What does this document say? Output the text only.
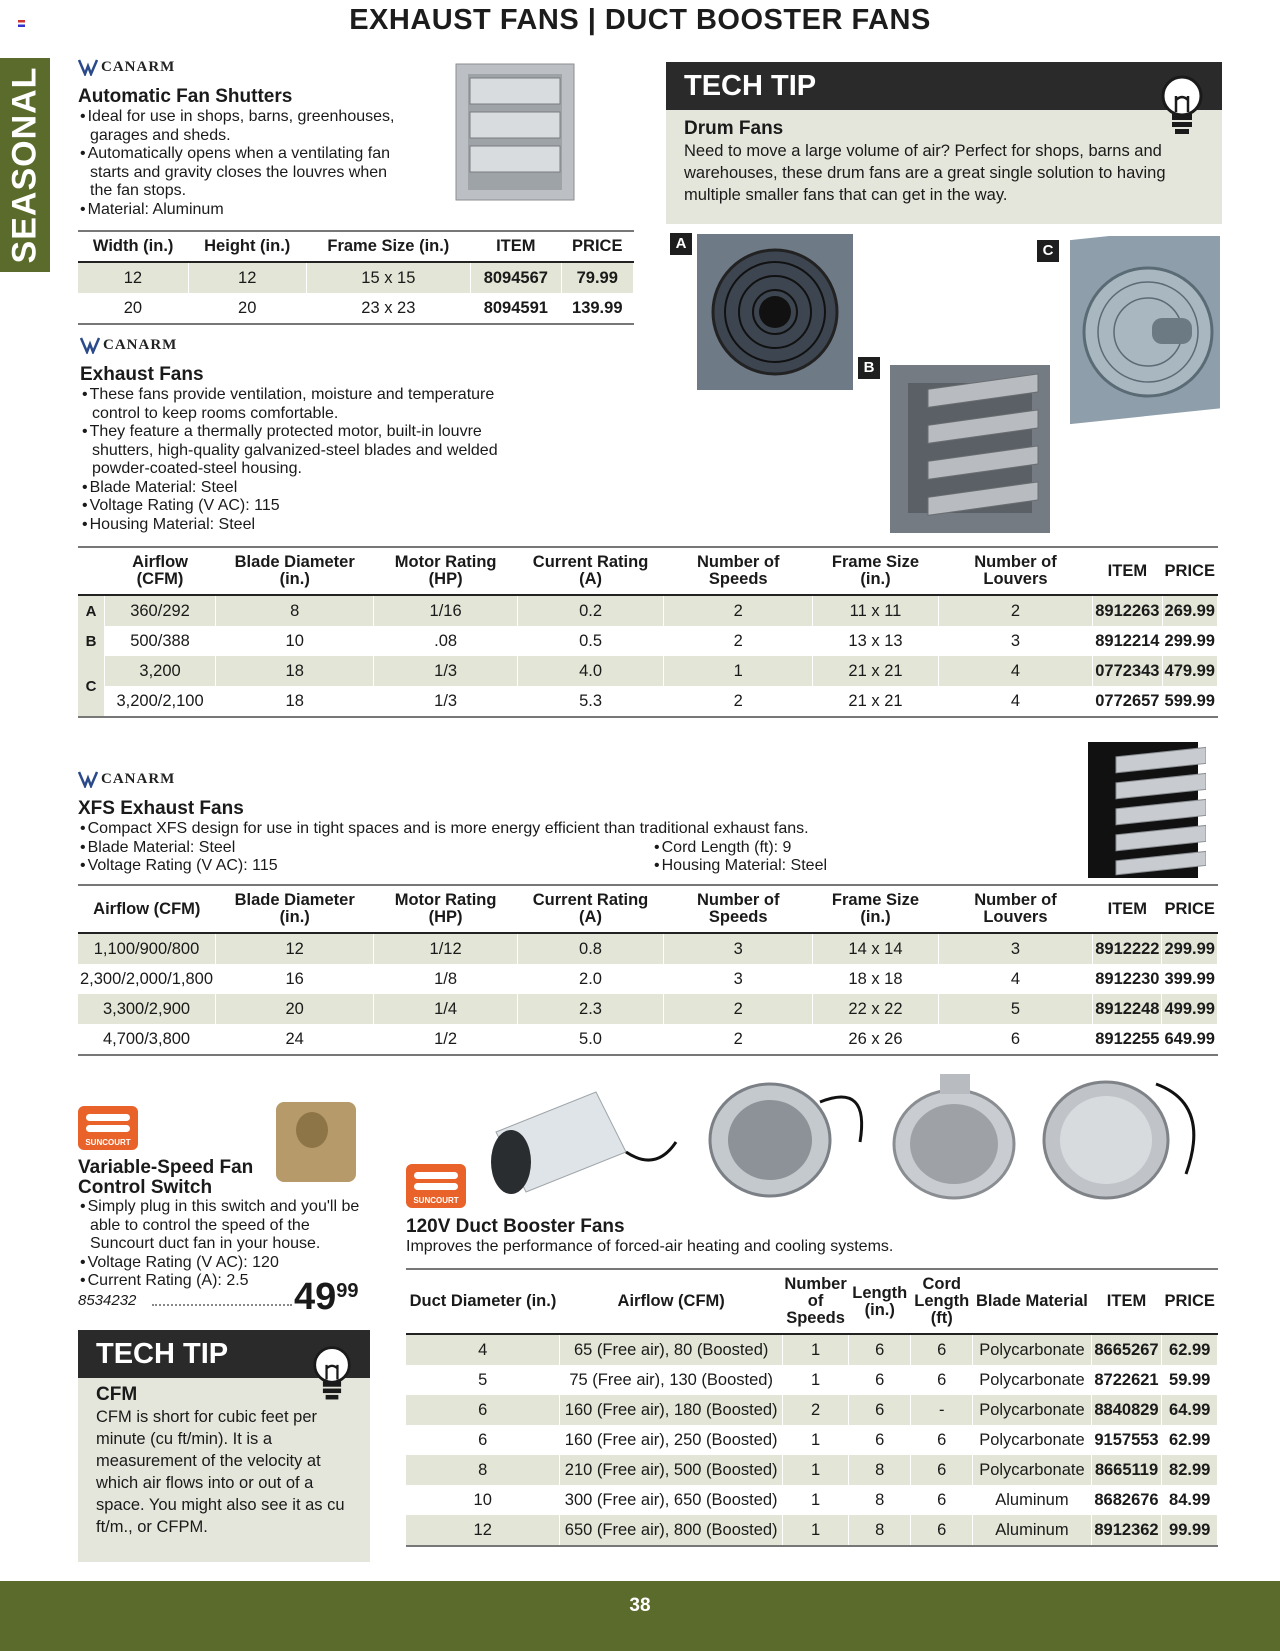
EXHAUST FANS | DUCT BOOSTER FANS
SEASONAL
CANARM
Automatic Fan Shutters
• Ideal for use in shops, barns, greenhouses, garages and sheds.
• Automatically opens when a ventilating fan starts and gravity closes the louvres when the fan stops.
• Material: Aluminum
Width (in.)	Height (in.)	Frame Size (in.)	ITEM	PRICE
12	12	15 x 15	8094567	79.99
20	20	23 x 23	8094591	139.99
TECH TIP
Drum Fans
Need to move a large volume of air? Perfect for shops, barns and warehouses, these drum fans are a great single solution to having multiple smaller fans that can get in the way.
A
B
C
CANARM
Exhaust Fans
• These fans provide ventilation, moisture and temperature control to keep rooms comfortable.
• They feature a thermally protected motor, built-in louvre shutters, high-quality galvanized-steel blades and welded powder-coated-steel housing.
• Blade Material: Steel
• Voltage Rating (V AC): 115
• Housing Material: Steel
	Airflow (CFM)	Blade Diameter (in.)	Motor Rating (HP)	Current Rating (A)	Number of Speeds	Frame Size (in.)	Number of Louvers	ITEM	PRICE
A	360/292	8	1/16	0.2	2	11 x 11	2	8912263	269.99
B	500/388	10	.08	0.5	2	13 x 13	3	8912214	299.99
C	3,200	18	1/3	4.0	1	21 x 21	4	0772343	479.99
	3,200/2,100	18	1/3	5.3	2	21 x 21	4	0772657	599.99
CANARM
XFS Exhaust Fans
• Compact XFS design for use in tight spaces and is more energy efficient than traditional exhaust fans.
• Blade Material: Steel
• Voltage Rating (V AC): 115
• Cord Length (ft): 9
• Housing Material: Steel
Airflow (CFM)	Blade Diameter (in.)	Motor Rating (HP)	Current Rating (A)	Number of Speeds	Frame Size (in.)	Number of Louvers	ITEM	PRICE
1,100/900/800	12	1/12	0.8	3	14 x 14	3	8912222	299.99
2,300/2,000/1,800	16	1/8	2.0	3	18 x 18	4	8912230	399.99
3,300/2,900	20	1/4	2.3	2	22 x 22	5	8912248	499.99
4,700/3,800	24	1/2	5.0	2	26 x 26	6	8912255	649.99
SUNCOURT
Variable-Speed Fan
Control Switch
• Simply plug in this switch and you'll be able to control the speed of the Suncourt duct fan in your house.
• Voltage Rating (V AC): 120
• Current Rating (A): 2.5
8534232	$49^{99}$
TECH TIP
CFM
CFM is short for cubic feet per minute (cu ft/min). It is a measurement of the velocity at which air flows into or out of a space. You might also see it as cu ft/m., or CFPM.
SUNCOURT
120V Duct Booster Fans
Improves the performance of forced-air heating and cooling systems.
Duct Diameter (in.)	Airflow (CFM)	Number of Speeds	Length (in.)	Cord Length (ft)	Blade Material	ITEM	PRICE
4	65 (Free air), 80 (Boosted)	1	6	6	Polycarbonate	8665267	62.99
5	75 (Free air), 130 (Boosted)	1	6	6	Polycarbonate	8722621	59.99
6	160 (Free air), 180 (Boosted)	2	6	-	Polycarbonate	8840829	64.99
6	160 (Free air), 250 (Boosted)	1	6	6	Polycarbonate	9157553	62.99
8	210 (Free air), 500 (Boosted)	1	8	6	Polycarbonate	8665119	82.99
10	300 (Free air), 650 (Boosted)	1	8	6	Aluminum	8682676	84.99
12	650 (Free air), 800 (Boosted)	1	8	6	Aluminum	8912362	99.99
38
